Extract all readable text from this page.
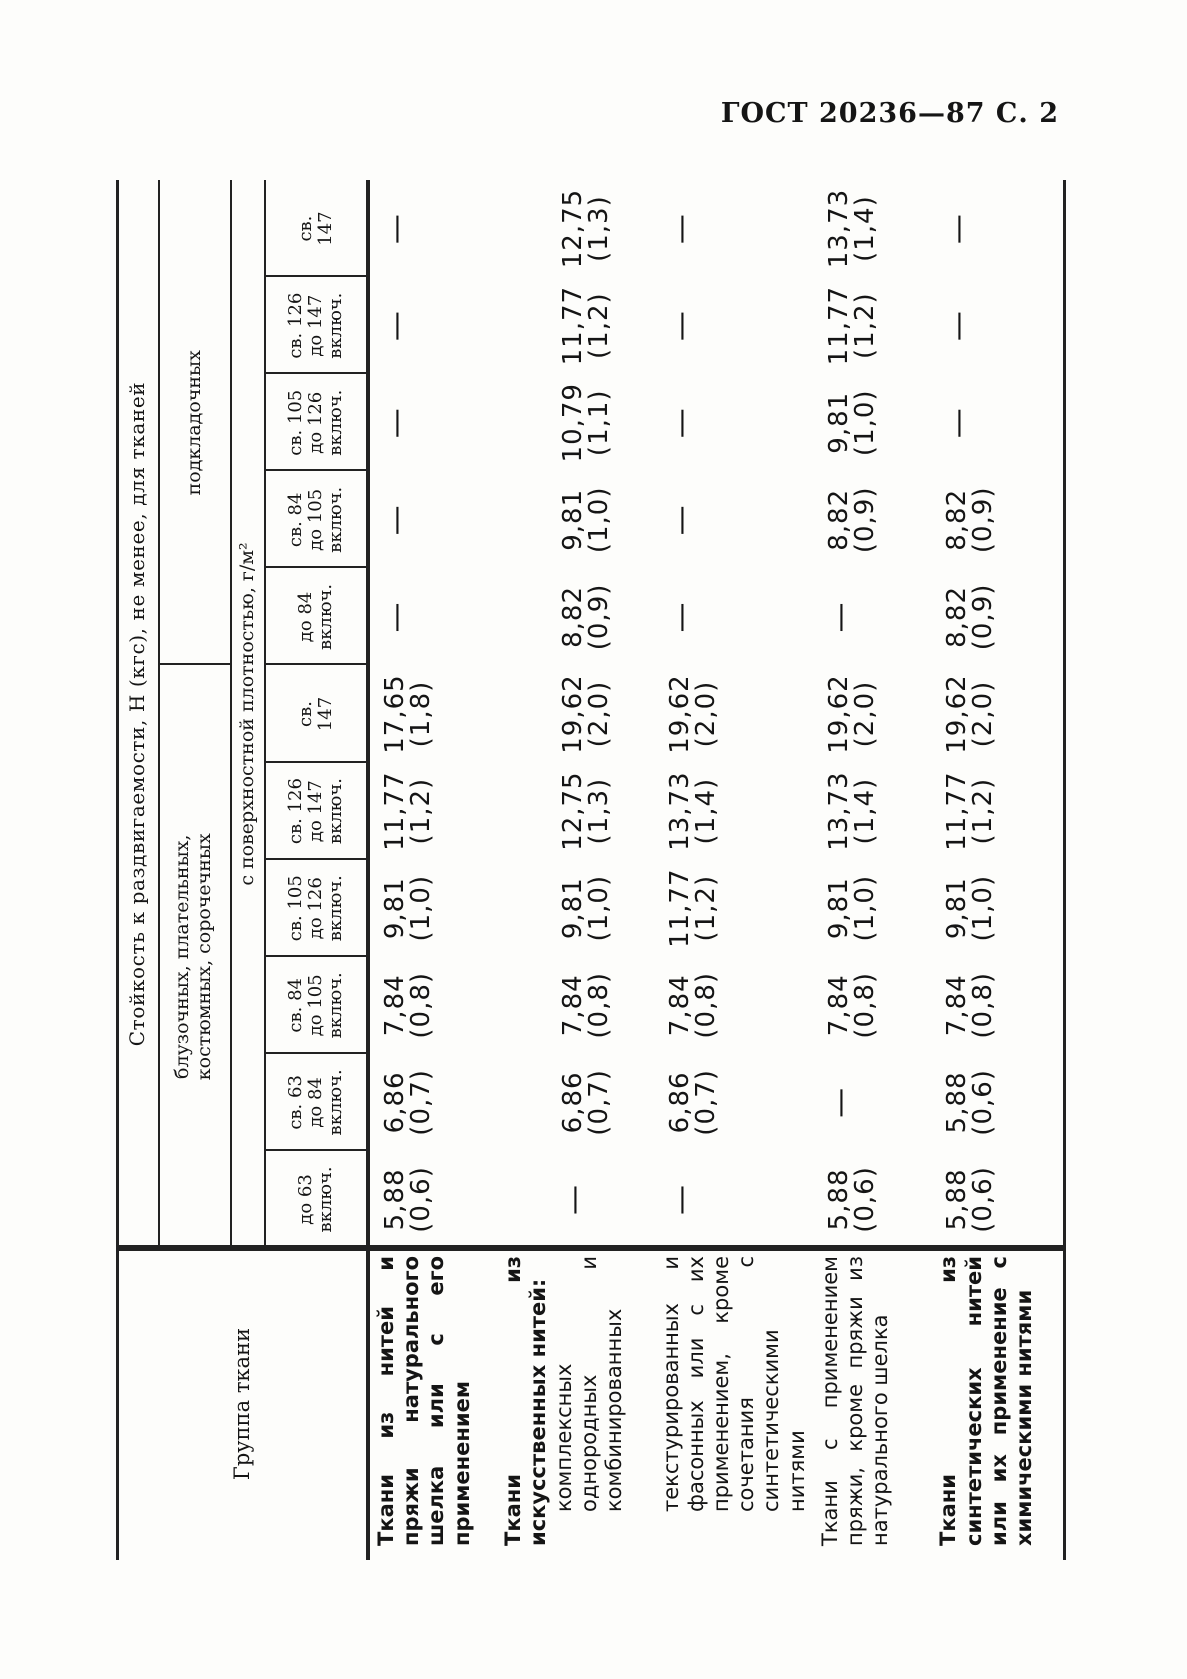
ГОСТ 20236—87 С. 2
Группа ткани
Стойкость к раздвигаемости, Н (кгс), не менее, для тканей	блузочных, плательных, костюмных, сорочечных
подкладочных
с поверхностной плотностью, г/м²
до 63 включ.
св. 63 до 84 включ.
св. 84 до 105 включ.
св. 105 до 126 включ.
св. 126 до 147 включ.
св. 147
до 84 включ.
св. 84 до 105 включ.
св. 105 до 126 включ.
св. 126 до 147 включ.
св. 147
Ткани из нитей и пряжи натурального шелка или с его применением
5,88
(0,6)
6,86
(0,7)
7,84
(0,8)
9,81
(1,0)
11,77
(1,2)
17,65
(1,8)
—
—
—
—
—
Ткани из искусственных нитей: комплексных однородных и комбинированных
—
6,86
(0,7)
7,84
(0,8)
9,81
(1,0)
12,75
(1,3)
19,62
(2,0)
8,82
(0,9)
9,81
(1,0)
10,79
(1,1)
11,77
(1,2)
12,75
(1,3)
текстурированных и фасонных или с их применением, кроме сочетания с синтетическими нитями
—
6,86
(0,7)
7,84
(0,8)
11,77
(1,2)
13,73
(1,4)
19,62
(2,0)
—
—
—
—
—
Ткани с применением пряжи, кроме пряжи из натурального шелка
5,88
(0,6)
—
7,84
(0,8)
9,81
(1,0)
13,73
(1,4)
19,62
(2,0)
—
8,82
(0,9)
9,81
(1,0)
11,77
(1,2)
13,73
(1,4)
Ткани из синтетических нитей или их применение с химическими нитями
5,88
(0,6)
5,88
(0,6)
7,84
(0,8)
9,81
(1,0)
11,77
(1,2)
19,62
(2,0)
8,82
(0,9)
8,82
(0,9)
—
—
—
